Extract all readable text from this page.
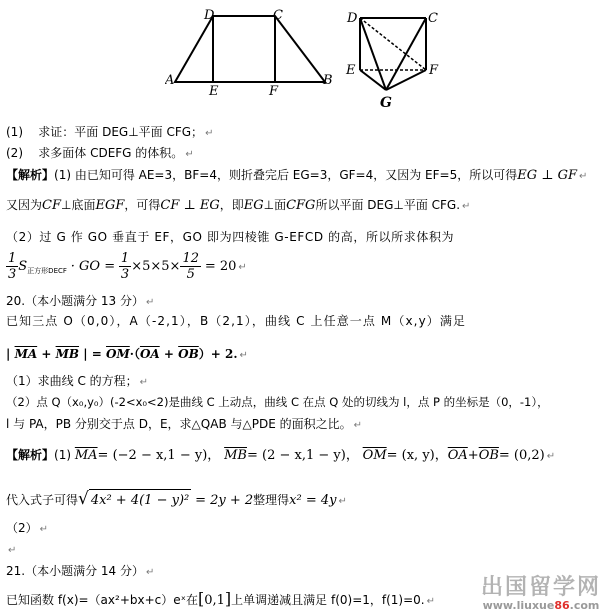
D	C
A
E	F
B
D	C
E	F
G
(1) 求证：平面 DEG⊥平面 CFG； ↵
(2) 求多面体 CDEFG 的体积。 ↵
【解析】(1) 由已知可得 AE=3，BF=4，则折叠完后 EG=3，GF=4，又因为 EF=5，所以可得EG ⊥ GF ↵
又因为CF⊥底面EGF，可得CF ⊥ EG，即EG⊥面CFG所以平面 DEG⊥平面 CFG. ↵
（2）过 G 作 GO 垂直于 EF，GO 即为四棱锥 G-EFCD 的高，所以所求体积为
$\frac{1}{3} S_{正方形DECF}$ · GO = $\frac{1}{3} \times 5\times 5\times \frac{12}{5} = 20$ ↵
20.（本小题满分 13 分） ↵
已知三点 O（0,0），A（-2,1），B（2,1），曲线 C 上任意一点 M（x,y）满足
| $\overline{MA} + \overline{MB}$ | = $\overline{OM}\cdot(\overline{OA} + \overline{OB})+ 2$. ↵
（1）求曲线 C 的方程； ↵
（2）点 Q（x₀,y₀）(-2<x₀<2)是曲线 C 上动点，曲线 C 在点 Q 处的切线为 l，点 P 的坐标是（0，-1），
l 与 PA，PB 分别交于点 D，E，求△QAB 与△PDE 的面积之比。 ↵
【解析】(1) $\overline{MA}= (-2 - x,1 - y)$， $\overline{MB}= (2 - x,1 - y)$， $\overline{OM}= (x$, y)，$\overline{OA}+\overline{OB}= (0,2)$ ↵
代入式子可得√ 4x² + 4(1 − y)² = 2y + 2整理得x² = 4y ↵
（2） ↵
↵
21.（本小题满分 14 分） ↵
已知函数 f(x)=（ax²+bx+c）eˣ在[0,1]上单调递减且满足 f(0)=1，f(1)=0. ↵
出国留学网
www.liuxue86.com
